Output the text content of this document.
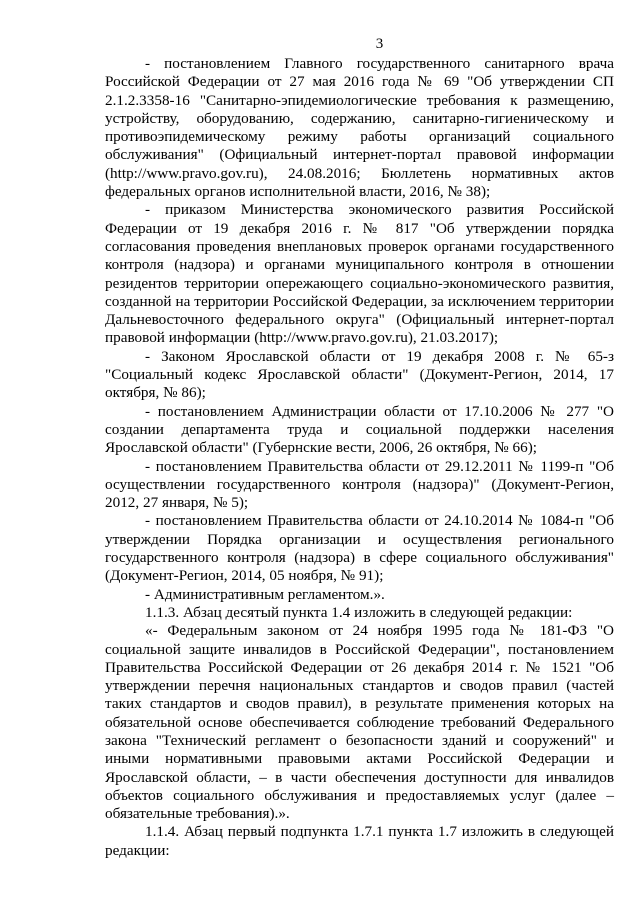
3

- постановлением Главного государственного санитарного врача Российской Федерации от 27 мая 2016 года № 69 "Об утверждении СП 2.1.2.3358-16 "Санитарно-эпидемиологические требования к размещению, устройству, оборудованию, содержанию, санитарно-гигиеническому и противоэпидемическому режиму работы организаций социального обслуживания" (Официальный интернет-портал правовой информации (http://www.pravo.gov.ru), 24.08.2016; Бюллетень нормативных актов федеральных органов исполнительной власти, 2016, № 38);

- приказом Министерства экономического развития Российской Федерации от 19 декабря 2016 г. № 817 "Об утверждении порядка согласования проведения внеплановых проверок органами государственного контроля (надзора) и органами муниципального контроля в отношении резидентов территории опережающего социально-экономического развития, созданной на территории Российской Федерации, за исключением территории Дальневосточного федерального округа" (Официальный интернет-портал правовой информации (http://www.pravo.gov.ru), 21.03.2017);

- Законом Ярославской области от 19 декабря 2008 г. № 65-з "Социальный кодекс Ярославской области" (Документ-Регион, 2014, 17 октября, № 86);

- постановлением Администрации области от 17.10.2006 № 277 "О создании департамента труда и социальной поддержки населения Ярославской области" (Губернские вести, 2006, 26 октября, № 66);

- постановлением Правительства области от 29.12.2011 № 1199-п "Об осуществлении государственного контроля (надзора)" (Документ-Регион, 2012, 27 января, № 5);

- постановлением Правительства области от 24.10.2014 № 1084-п "Об утверждении Порядка организации и осуществления регионального государственного контроля (надзора) в сфере социального обслуживания" (Документ-Регион, 2014, 05 ноября, № 91);

- Административным регламентом.».

1.1.3. Абзац десятый пункта 1.4 изложить в следующей редакции:

«- Федеральным законом от 24 ноября 1995 года № 181-ФЗ "О социальной защите инвалидов в Российской Федерации", постановлением Правительства Российской Федерации от 26 декабря 2014 г. № 1521 "Об утверждении перечня национальных стандартов и сводов правил (частей таких стандартов и сводов правил), в результате применения которых на обязательной основе обеспечивается соблюдение требований Федерального закона "Технический регламент о безопасности зданий и сооружений" и иными нормативными правовыми актами Российской Федерации и Ярославской области, – в части обеспечения доступности для инвалидов объектов социального обслуживания и предоставляемых услуг (далее – обязательные требования).».

1.1.4. Абзац первый подпункта 1.7.1 пункта 1.7 изложить в следующей редакции:
